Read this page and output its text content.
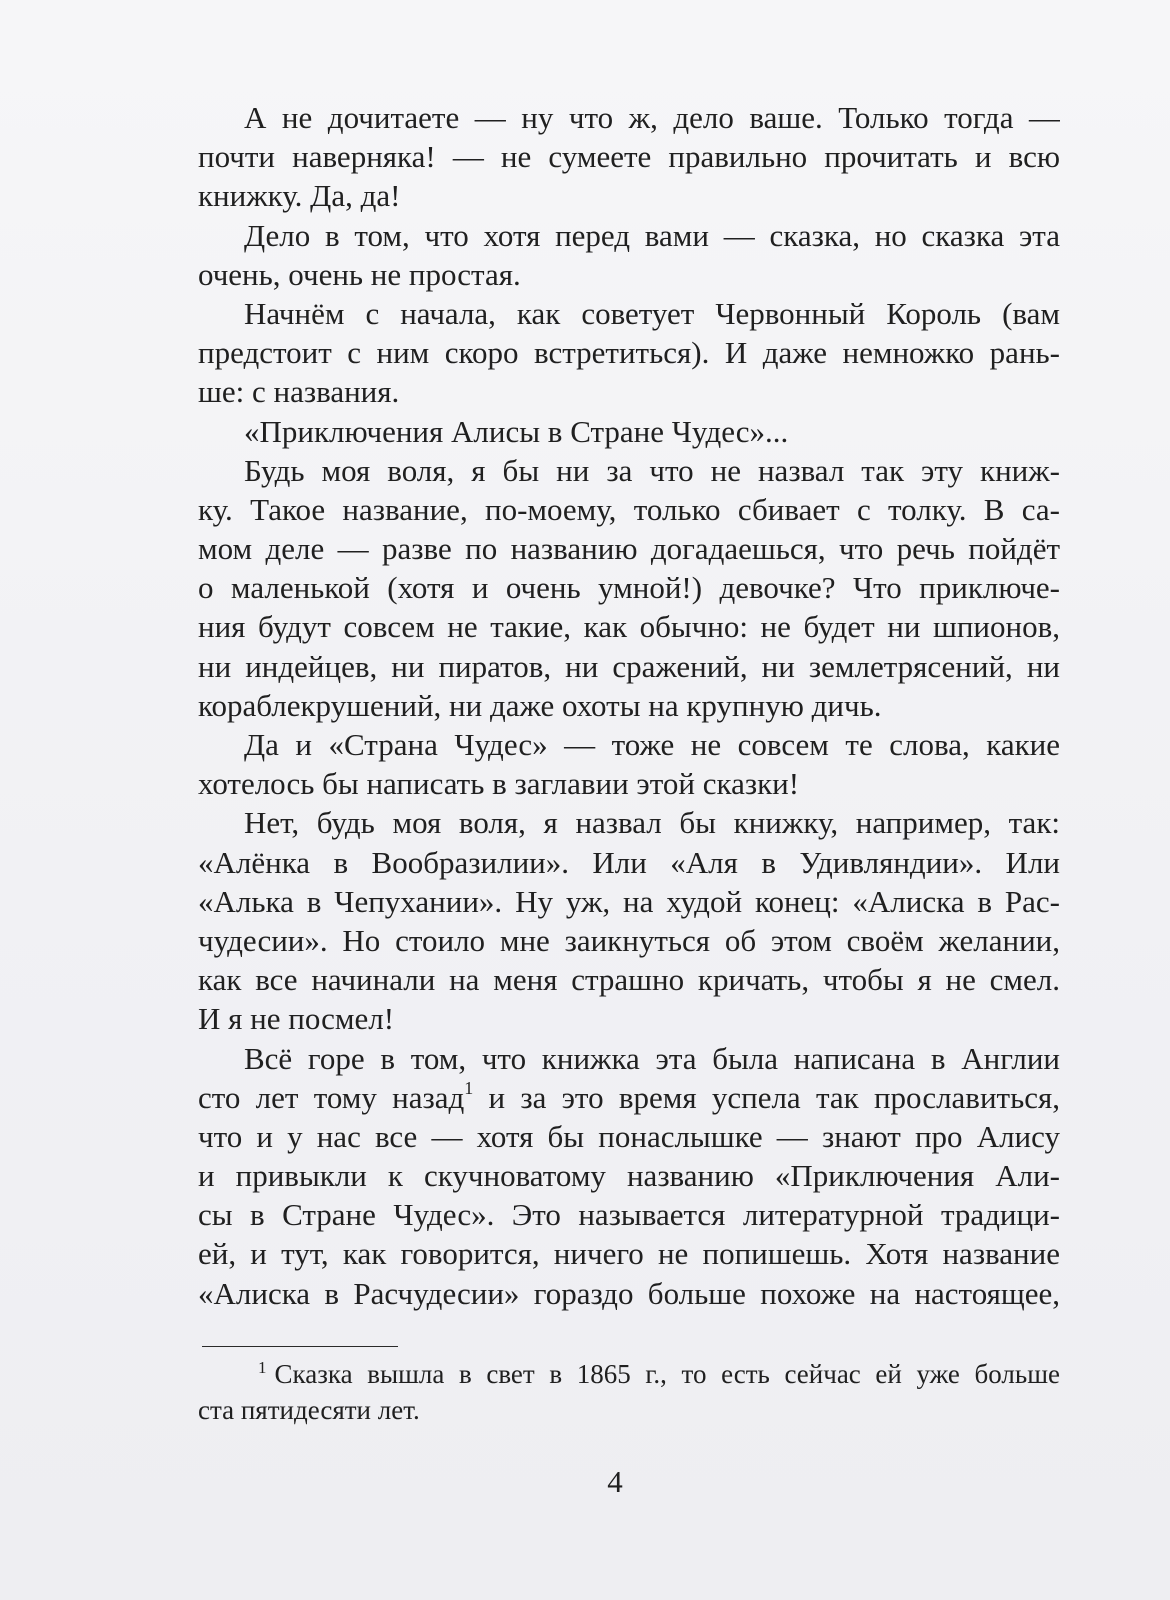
А не дочитаете — ну что ж, дело ваше. Только тогда —
почти наверняка! — не сумеете правильно прочитать и всю
книжку. Да, да!
Дело в том, что хотя перед вами — сказка, но сказка эта
очень, очень не простая.
Начнём с начала, как советует Червонный Король (вам
предстоит с ним скоро встретиться). И даже немножко рань-
ше: с названия.
«Приключения Алисы в Стране Чудес»...
Будь моя воля, я бы ни за что не назвал так эту книж-
ку. Такое название, по-моему, только сбивает с толку. В са-
мом деле — разве по названию догадаешься, что речь пойдёт
о маленькой (хотя и очень умной!) девочке? Что приключе-
ния будут совсем не такие, как обычно: не будет ни шпионов,
ни индейцев, ни пиратов, ни сражений, ни землетрясений, ни
кораблекрушений, ни даже охоты на крупную дичь.
Да и «Страна Чудес» — тоже не совсем те слова, какие
хотелось бы написать в заглавии этой сказки!
Нет, будь моя воля, я назвал бы книжку, например, так:
«Алёнка в Вообразилии». Или «Аля в Удивляндии». Или
«Алька в Чепухании». Ну уж, на худой конец: «Алиска в Рас-
чудесии». Но стоило мне заикнуться об этом своём желании,
как все начинали на меня страшно кричать, чтобы я не смел.
И я не посмел!
Всё горе в том, что книжка эта была написана в Англии
сто лет тому назад$^1$ и за это время успела так прославиться,
что и у нас все — хотя бы понаслышке — знают про Алису
и привыкли к скучноватому названию «Приключения Али-
сы в Стране Чудес». Это называется литературной традици-
ей, и тут, как говорится, ничего не попишешь. Хотя название
«Алиска в Расчудесии» гораздо больше похоже на настоящее,
$^1$ Сказка вышла в свет в 1865 г., то есть сейчас ей уже больше
ста пятидесяти лет.
4
